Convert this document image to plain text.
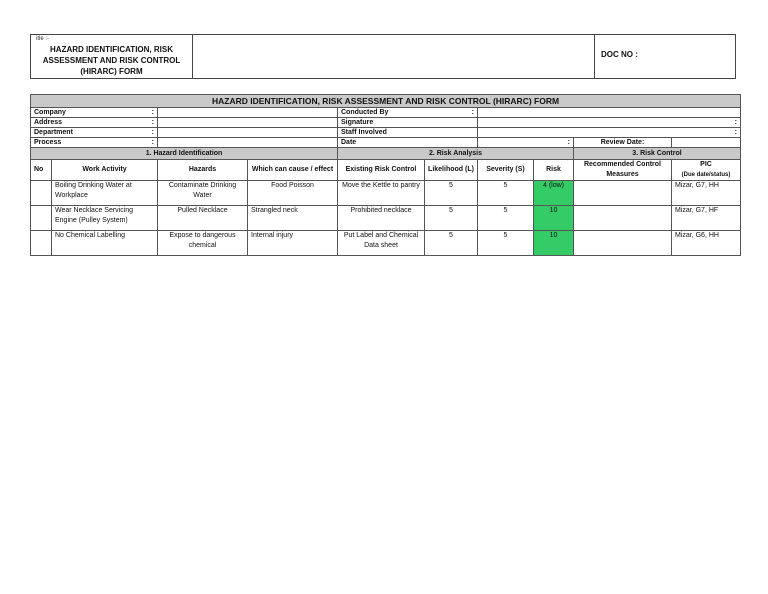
itle :-
HAZARD IDENTIFICATION, RISK ASSESSMENT AND RISK CONTROL (HIRARC) FORM
DOC NO :
HAZARD IDENTIFICATION, RISK ASSESSMENT AND RISK CONTROL (HIRARC) FORM									
Company :				Conducted By :					

Address :				Signature		:			

Department :				Staff Involved		:			

Process :				Date		:		Review Date:	
1. Hazard Identification				2. Risk Analysis				3. Risk Control	
No	Work Activity	Hazards	Which can cause / effect	Existing Risk Control	Likelihood (L)	Severity (S)	Risk	Recommended Control Measures	PIC
(Due date/status)

	Boiling Drinking Water at Workplace	Contaminate Drinking Water	Food Poisson	Move the Kettle to pantry	5	5	4 (low)		Mizar, G7, HH
	Wear Necklace Servicing Engine (Pulley System)	Pulled Necklace	Strangled neck	Prohibited necklace	5	5	10		Mizar, G7, HF
	No Chemical Labelling	Expose to dangerous chemical	Internal injury	Put Label and Chemical Data sheet	5	5	10		Mizar, G6, HH
